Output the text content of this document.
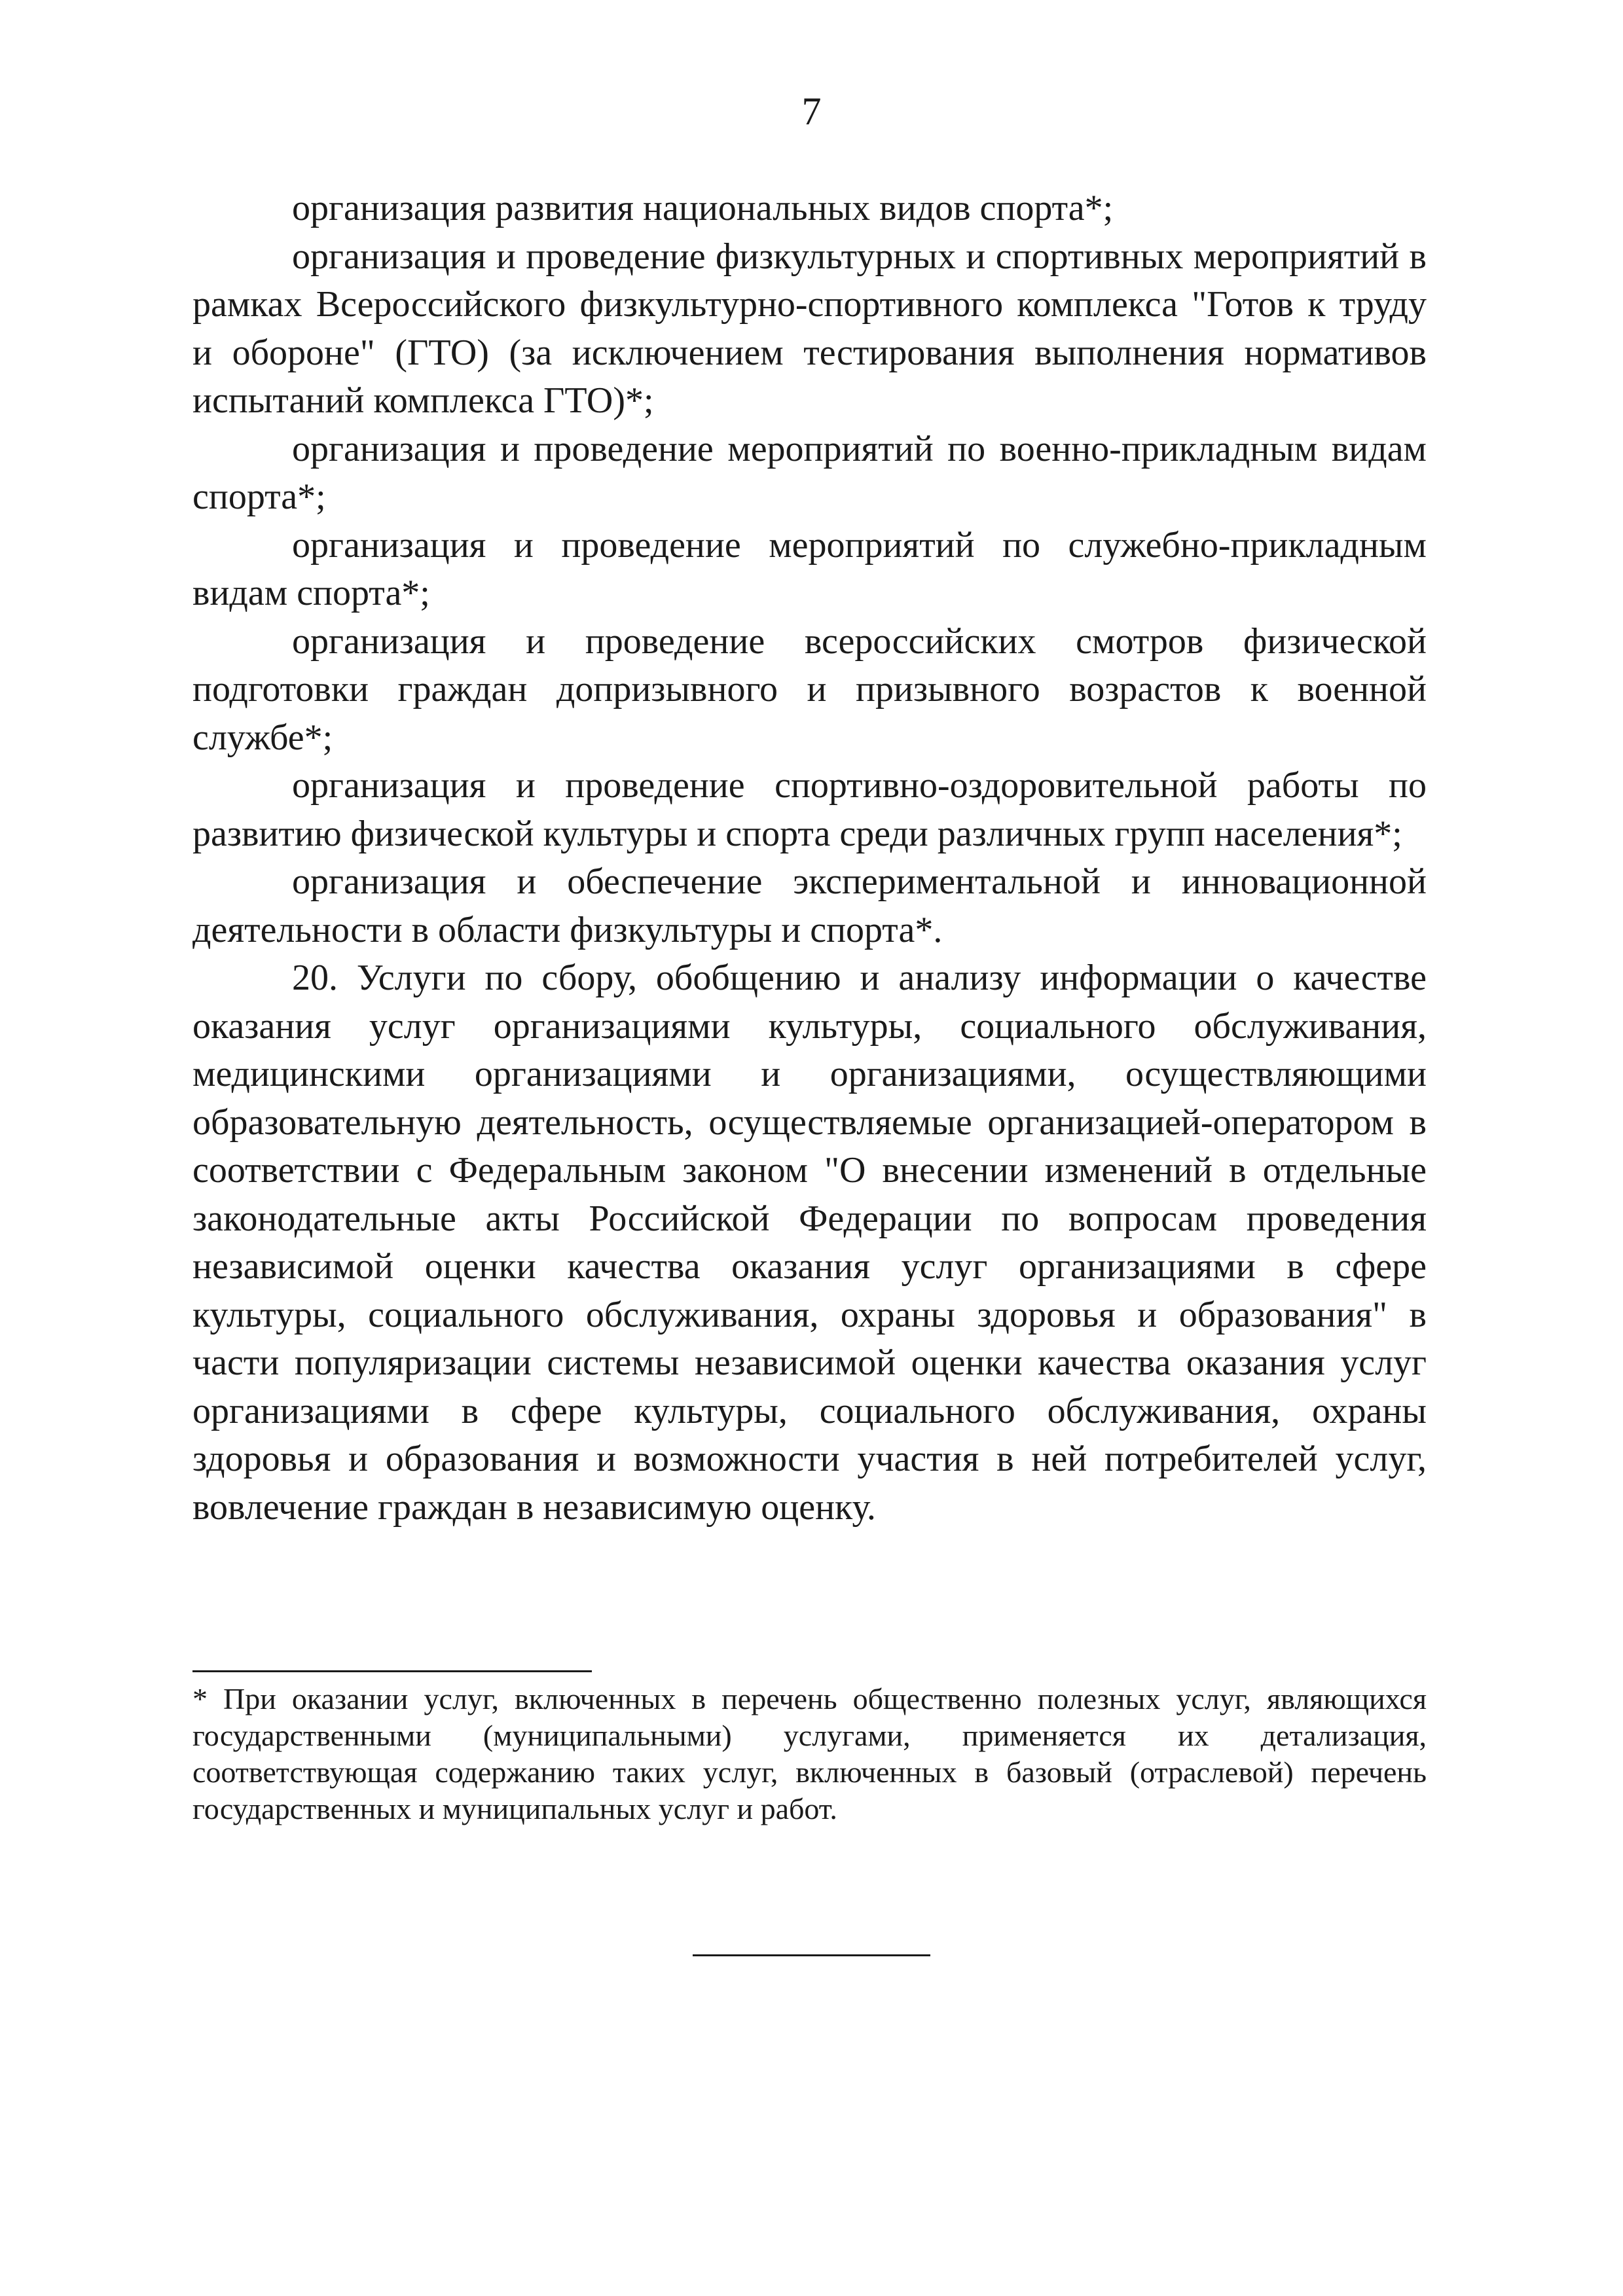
7

организация развития национальных видов спорта*;

организация и проведение физкультурных и спортивных мероприятий в рамках Всероссийского физкультурно-спортивного комплекса "Готов к труду и обороне" (ГТО) (за исключением тестирования выполнения нормативов испытаний комплекса ГТО)*;

организация и проведение мероприятий по военно-прикладным видам спорта*;

организация и проведение мероприятий по служебно-прикладным видам спорта*;

организация и проведение всероссийских смотров физической подготовки граждан допризывного и призывного возрастов к военной службе*;

организация и проведение спортивно-оздоровительной работы по развитию физической культуры и спорта среди различных групп населения*;

организация и обеспечение экспериментальной и инновационной деятельности в области физкультуры и спорта*.

20. Услуги по сбору, обобщению и анализу информации о качестве оказания услуг организациями культуры, социального обслуживания, медицинскими организациями и организациями, осуществляющими образовательную деятельность, осуществляемые организацией-оператором в соответствии с Федеральным законом "О внесении изменений в отдельные законодательные акты Российской Федерации по вопросам проведения независимой оценки качества оказания услуг организациями в сфере культуры, социального обслуживания, охраны здоровья и образования" в части популяризации системы независимой оценки качества оказания услуг организациями в сфере культуры, социального обслуживания, охраны здоровья и образования и возможности участия в ней потребителей услуг, вовлечение граждан в независимую оценку.

* При оказании услуг, включенных в перечень общественно полезных услуг, являющихся государственными (муниципальными) услугами, применяется их детализация, соответствующая содержанию таких услуг, включенных в базовый (отраслевой) перечень государственных и муниципальных услуг и работ.
